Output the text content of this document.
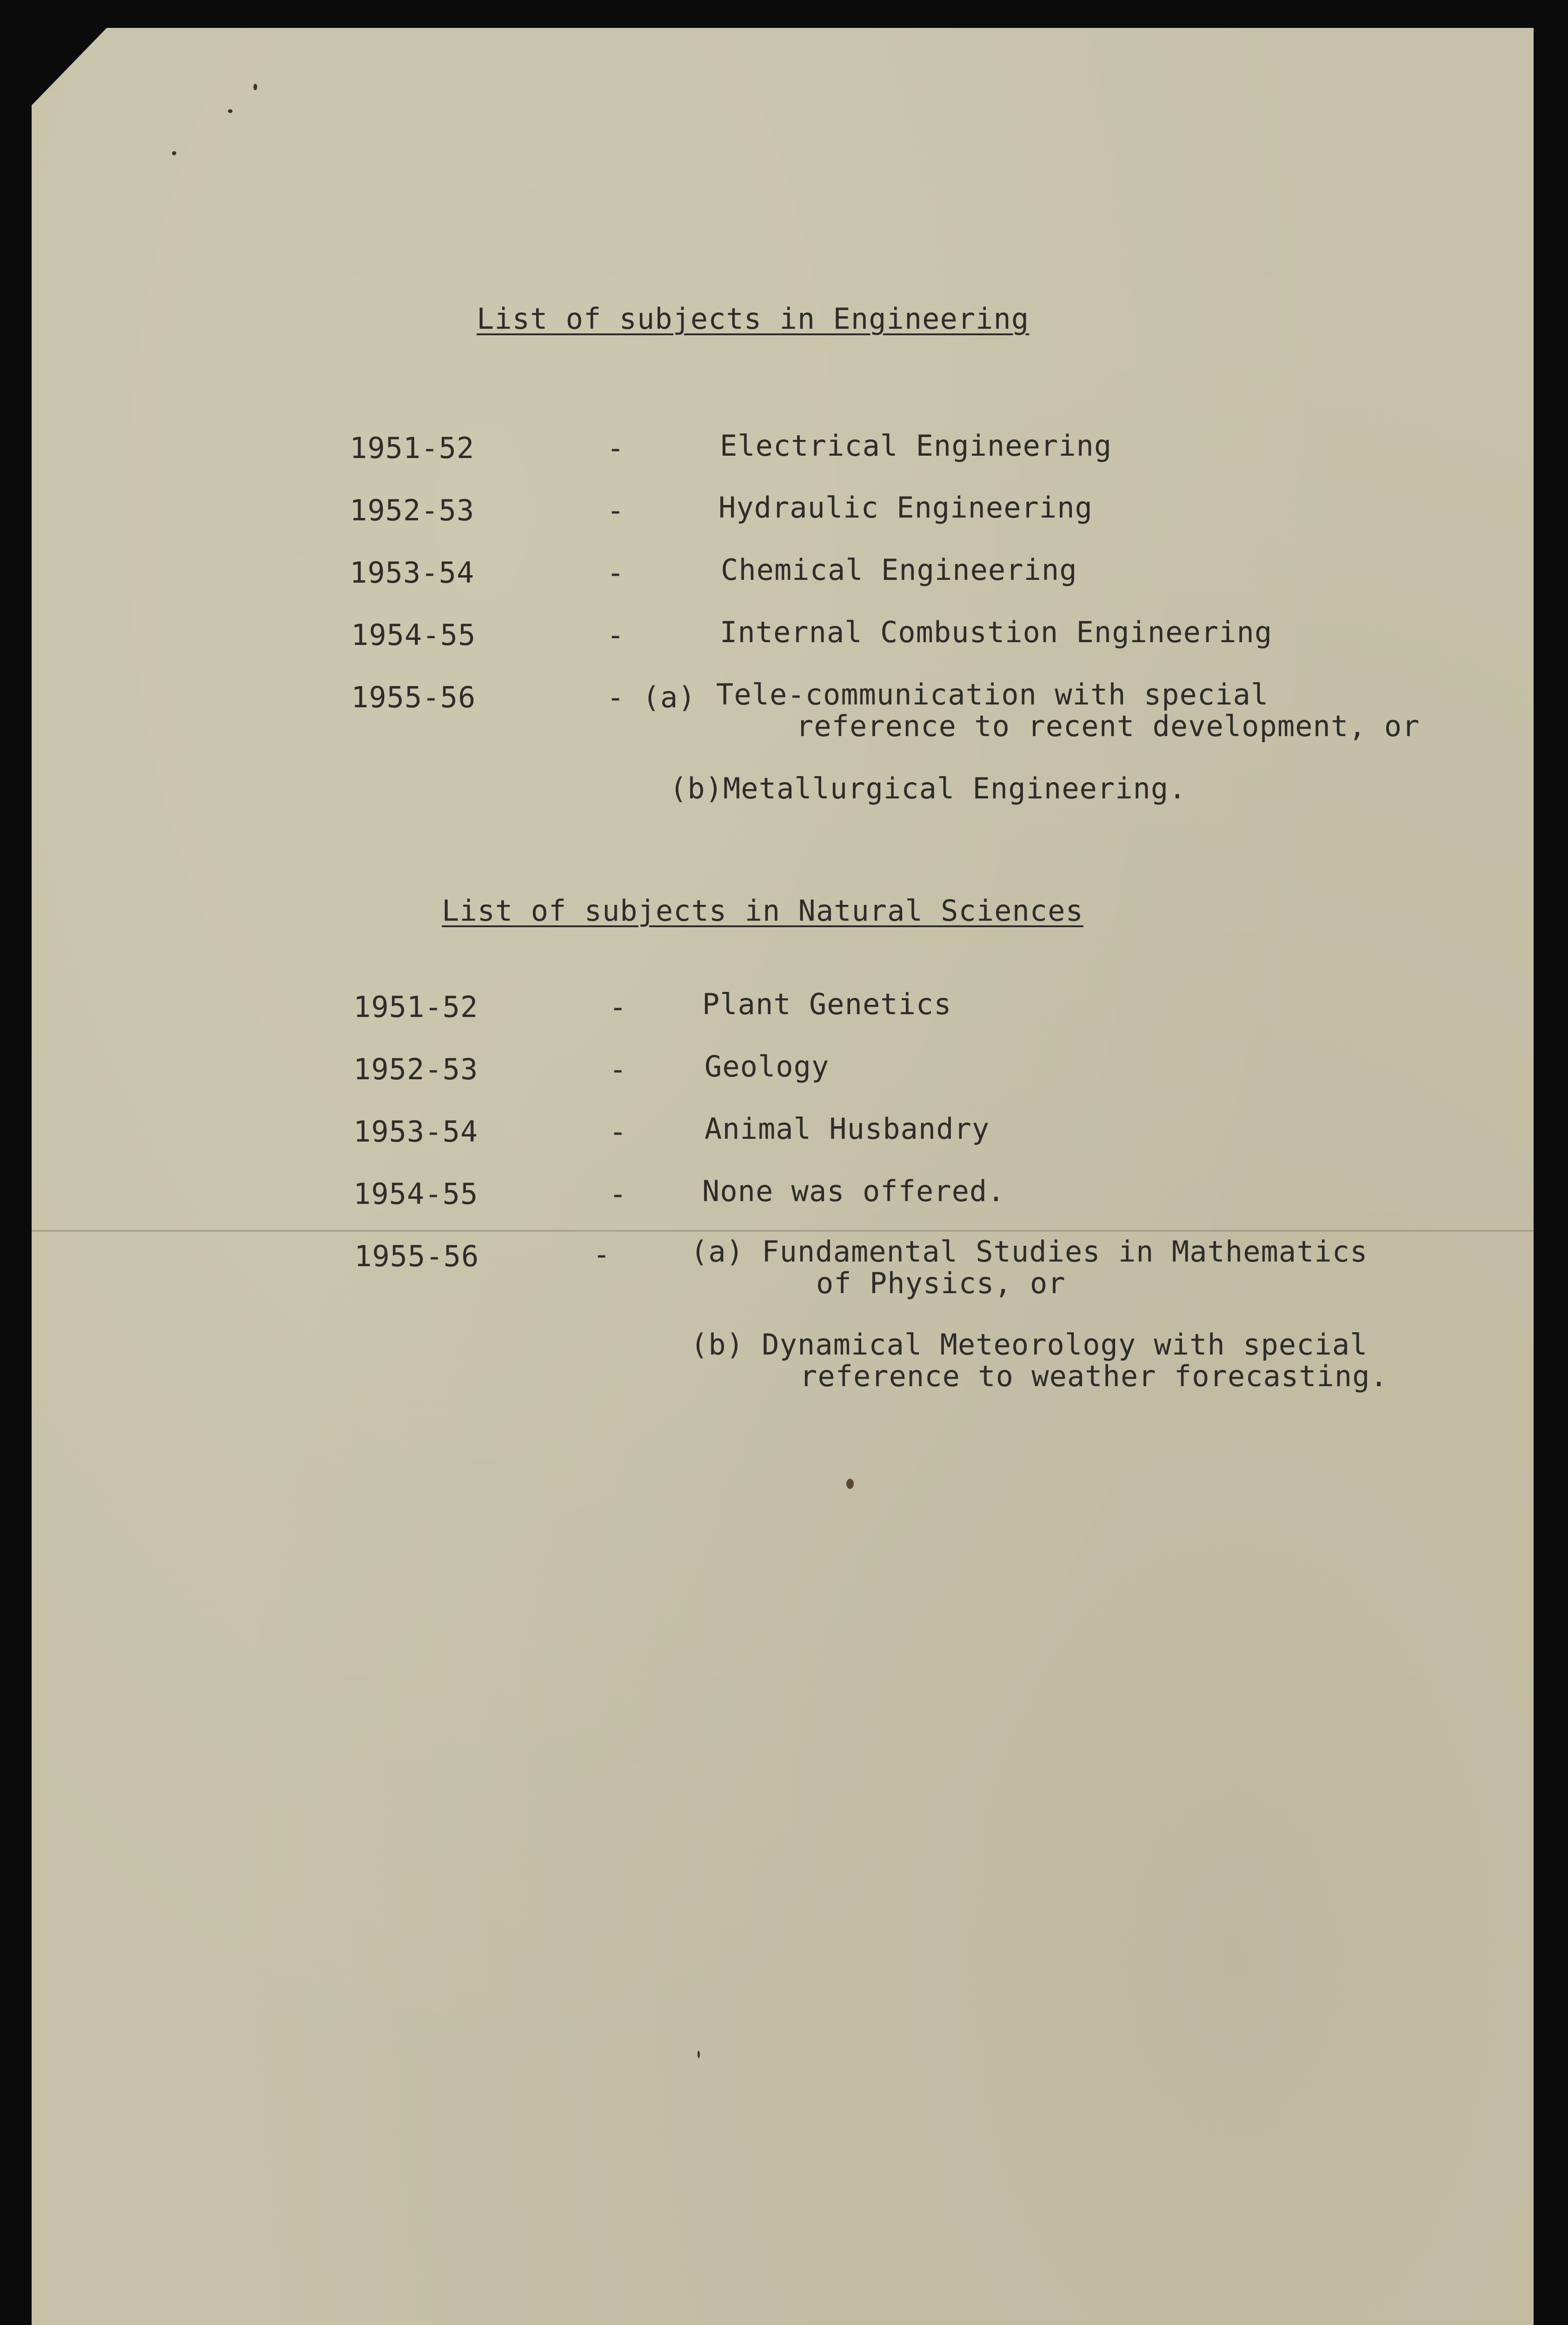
List of subjects in Engineering
1951-52	-	Electrical Engineering
1952-53	-	Hydraulic Engineering
1953-54	-	Chemical Engineering
1954-55	-	Internal Combustion Engineering
1955-56	- (a) Tele-communication with special
reference to recent development, or
(b)Metallurgical Engineering.
List of subjects in Natural Sciences
1951-52	-	Plant Genetics
1952-53	-	Geology
1953-54	-	Animal Husbandry
1954-55	-	None was offered.
1955-56	-	(a) Fundamental Studies in Mathematics
of Physics, or
(b) Dynamical Meteorology with special
reference to weather forecasting.
